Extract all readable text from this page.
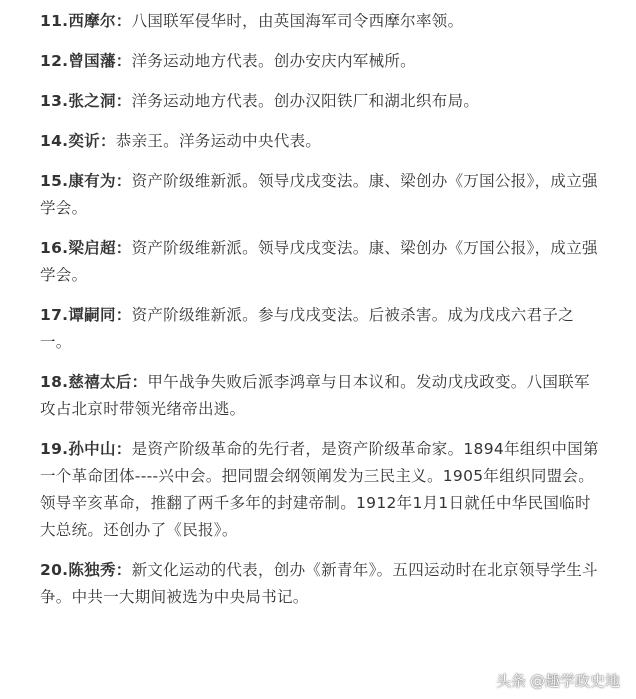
11.西摩尔：八国联军侵华时，由英国海军司令西摩尔率领。

12.曾国藩：洋务运动地方代表。创办安庆内军械所。

13.张之洞：洋务运动地方代表。创办汉阳铁厂和湖北织布局。

14.奕䜣：恭亲王。洋务运动中央代表。

15.康有为：资产阶级维新派。领导戊戌变法。康、梁创办《万国公报》，成立强学会。

16.梁启超：资产阶级维新派。领导戊戌变法。康、梁创办《万国公报》，成立强学会。

17.谭嗣同：资产阶级维新派。参与戊戌变法。后被杀害。成为戊戌六君子之一。

18.慈禧太后：甲午战争失败后派李鸿章与日本议和。发动戊戌政变。八国联军攻占北京时带领光绪帝出逃。

19.孙中山：是资产阶级革命的先行者，是资产阶级革命家。1894年组织中国第一个革命团体----兴中会。把同盟会纲领阐发为三民主义。1905年组织同盟会。领导辛亥革命，推翻了两千多年的封建帝制。1912年1月1日就任中华民国临时大总统。还创办了《民报》。

20.陈独秀：新文化运动的代表，创办《新青年》。五四运动时在北京领导学生斗争。中共一大期间被选为中央局书记。

头条 @趣学政史地
